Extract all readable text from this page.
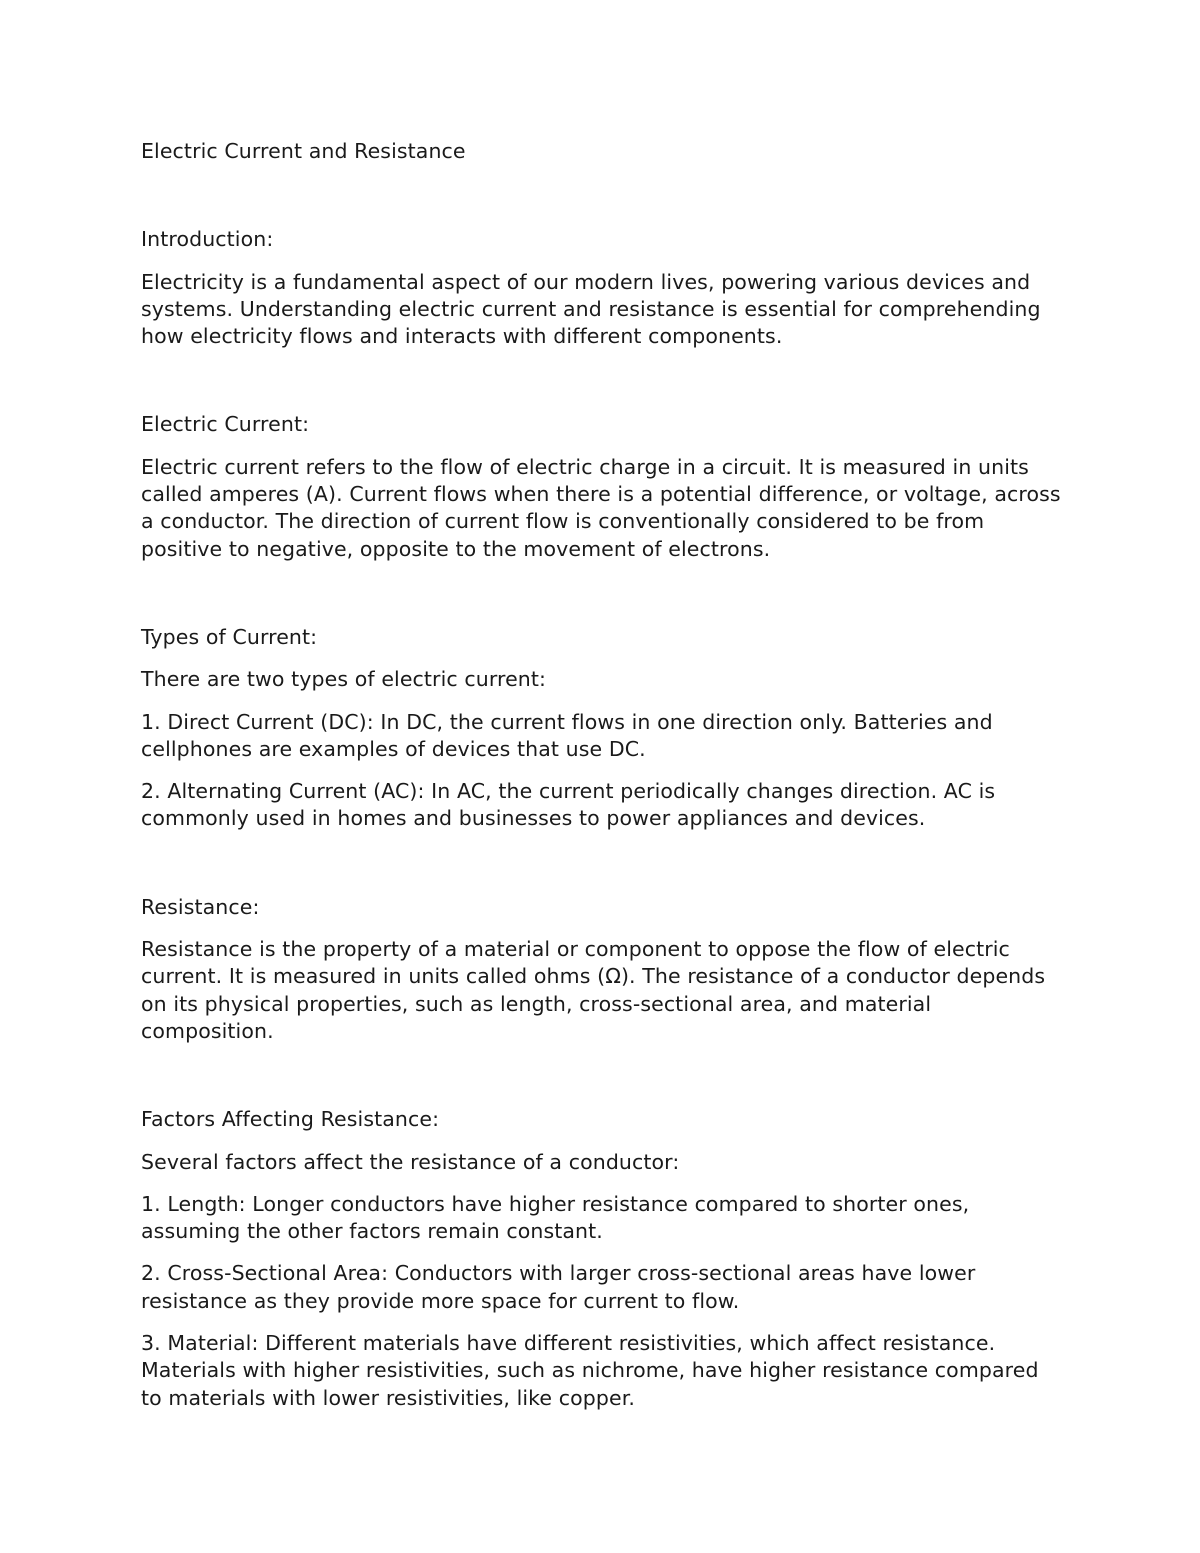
Electric Current and Resistance
Introduction:

Electricity is a fundamental aspect of our modern lives, powering various devices and systems. Understanding electric current and resistance is essential for comprehending how electricity flows and interacts with different components.

Electric Current:

Electric current refers to the flow of electric charge in a circuit. It is measured in units called amperes (A). Current flows when there is a potential difference, or voltage, across a conductor. The direction of current flow is conventionally considered to be from positive to negative, opposite to the movement of electrons.

Types of Current:

There are two types of electric current:

1. Direct Current (DC): In DC, the current flows in one direction only. Batteries and cellphones are examples of devices that use DC.

2. Alternating Current (AC): In AC, the current periodically changes direction. AC is commonly used in homes and businesses to power appliances and devices.

Resistance:

Resistance is the property of a material or component to oppose the flow of electric current. It is measured in units called ohms (Ω). The resistance of a conductor depends on its physical properties, such as length, cross-sectional area, and material composition.

Factors Affecting Resistance:

Several factors affect the resistance of a conductor:

1. Length: Longer conductors have higher resistance compared to shorter ones, assuming the other factors remain constant.

2. Cross-Sectional Area: Conductors with larger cross-sectional areas have lower resistance as they provide more space for current to flow.

3. Material: Different materials have different resistivities, which affect resistance. Materials with higher resistivities, such as nichrome, have higher resistance compared to materials with lower resistivities, like copper.
